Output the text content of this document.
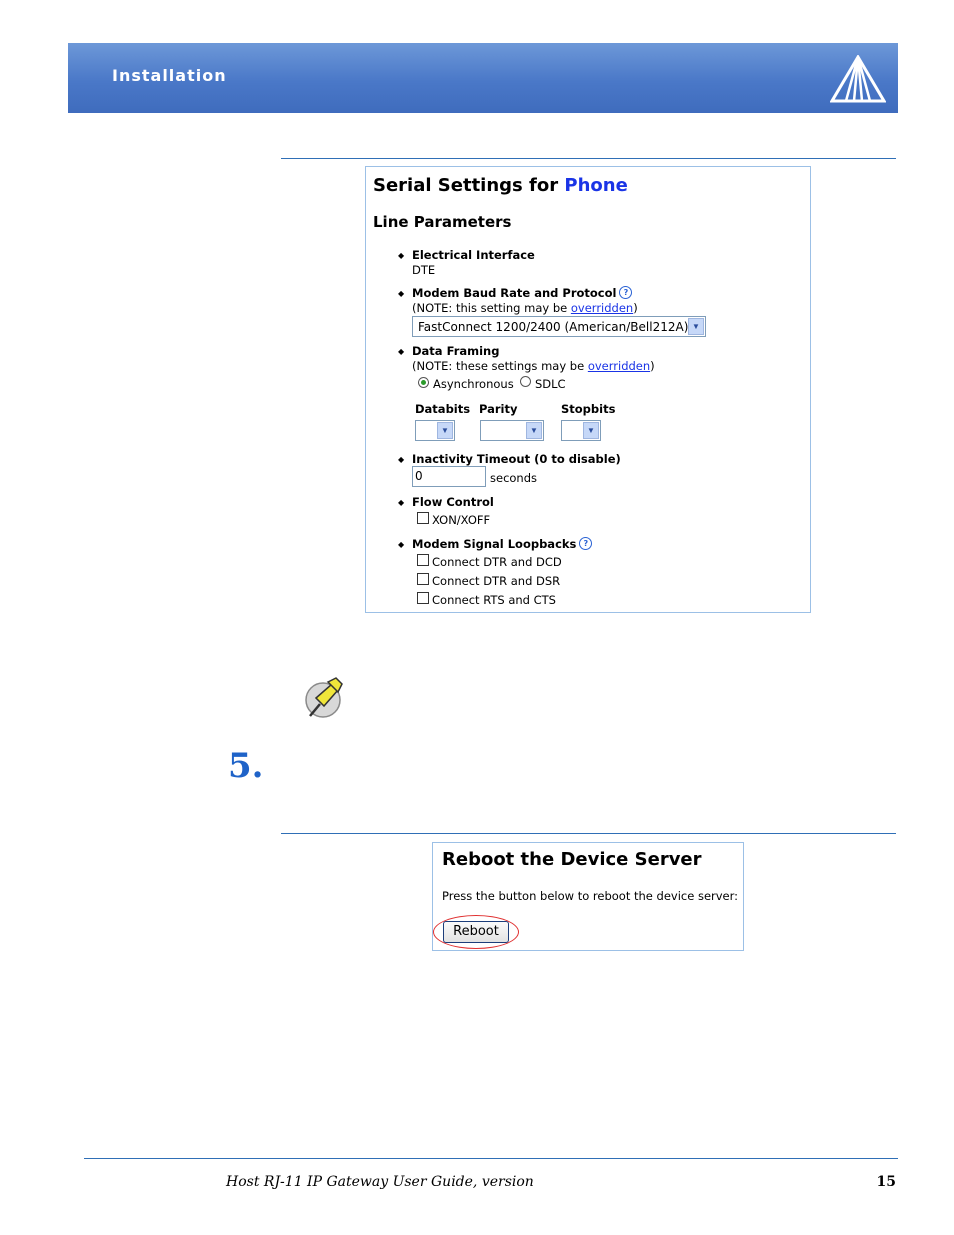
Installation
Serial Settings for Phone
Line Parameters
◆ Electrical Interface
DTE
◆ Modem Baud Rate and Protocol ?
(NOTE: this setting may be overridden)
FastConnect 1200/2400 (American/Bell212A) ▼
◆ Data Framing
(NOTE: these settings may be overridden)
Asynchronous SDLC
Databits Parity	Stopbits
▼	▼	▼
◆ Inactivity Timeout (0 to disable)
0	seconds
◆ Flow Control
XON/XOFF
◆ Modem Signal Loopbacks ?
Connect DTR and DCD
Connect DTR and DSR
Connect RTS and CTS
5.
Reboot the Device Server
Press the button below to reboot the device server:
Reboot
Host RJ-11 IP Gateway User Guide, version	15
